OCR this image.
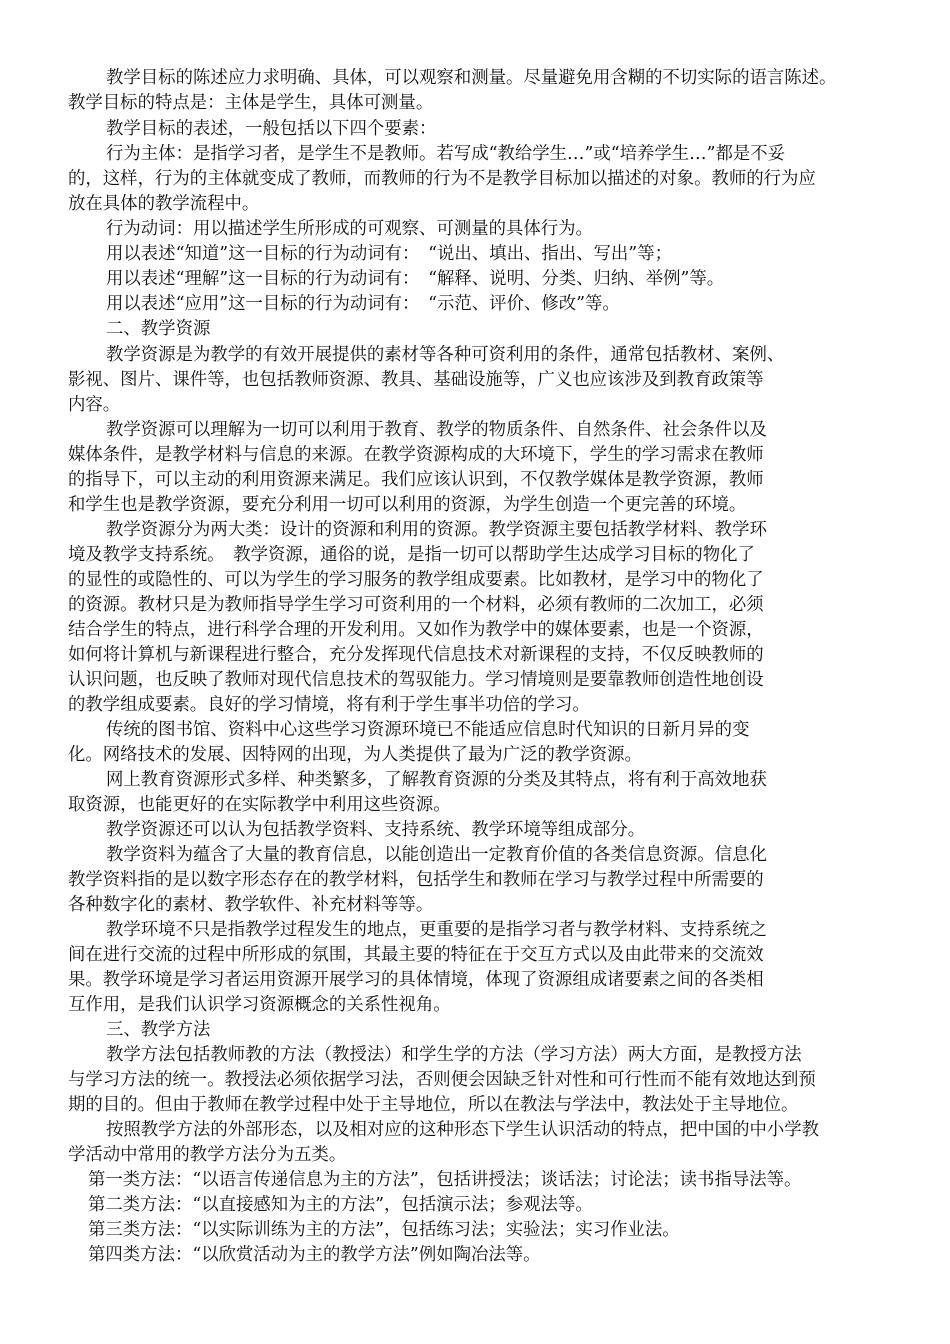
教学目标的陈述应力求明确、具体，可以观察和测量。尽量避免用含糊的不切实际的语言陈述。
教学目标的特点是：主体是学生，具体可测量。
教学目标的表述，一般包括以下四个要素：
行为主体：是指学习者，是学生不是教师。若写成“教给学生…”或“培养学生…”都是不妥
的，这样，行为的主体就变成了教师，而教师的行为不是教学目标加以描述的对象。教师的行为应
放在具体的教学流程中。
行为动词：用以描述学生所形成的可观察、可测量的具体行为。
用以表述“知道”这一目标的行为动词有：　“说出、填出、指出、写出”等；
用以表述“理解”这一目标的行为动词有：　“解释、说明、分类、归纳、举例”等。
用以表述“应用”这一目标的行为动词有：　“示范、评价、修改”等。
二、教学资源
教学资源是为教学的有效开展提供的素材等各种可资利用的条件，通常包括教材、案例、
影视、图片、课件等，也包括教师资源、教具、基础设施等，广义也应该涉及到教育政策等
内容。
教学资源可以理解为一切可以利用于教育、教学的物质条件、自然条件、社会条件以及
媒体条件，是教学材料与信息的来源。在教学资源构成的大环境下，学生的学习需求在教师
的指导下，可以主动的利用资源来满足。我们应该认识到，不仅教学媒体是教学资源，教师
和学生也是教学资源，要充分利用一切可以利用的资源，为学生创造一个更完善的环境。
教学资源分为两大类：设计的资源和利用的资源。教学资源主要包括教学材料、教学环
境及教学支持系统。　教学资源，通俗的说，是指一切可以帮助学生达成学习目标的物化了
的显性的或隐性的、可以为学生的学习服务的教学组成要素。比如教材，是学习中的物化了
的资源。教材只是为教师指导学生学习可资利用的一个材料，必须有教师的二次加工，必须
结合学生的特点，进行科学合理的开发利用。又如作为教学中的媒体要素，也是一个资源，
如何将计算机与新课程进行整合，充分发挥现代信息技术对新课程的支持，不仅反映教师的
认识问题，也反映了教师对现代信息技术的驾驭能力。学习情境则是要靠教师创造性地创设
的教学组成要素。良好的学习情境，将有利于学生事半功倍的学习。
传统的图书馆、资料中心这些学习资源环境已不能适应信息时代知识的日新月异的变
化。网络技术的发展、因特网的出现，为人类提供了最为广泛的教学资源。
网上教育资源形式多样、种类繁多，了解教育资源的分类及其特点，将有利于高效地获
取资源，也能更好的在实际教学中利用这些资源。
教学资源还可以认为包括教学资料、支持系统、教学环境等组成部分。
教学资料为蕴含了大量的教育信息，以能创造出一定教育价值的各类信息资源。信息化
教学资料指的是以数字形态存在的教学材料，包括学生和教师在学习与教学过程中所需要的
各种数字化的素材、教学软件、补充材料等等。
教学环境不只是指教学过程发生的地点，更重要的是指学习者与教学材料、支持系统之
间在进行交流的过程中所形成的氛围，其最主要的特征在于交互方式以及由此带来的交流效
果。教学环境是学习者运用资源开展学习的具体情境，体现了资源组成诸要素之间的各类相
互作用，是我们认识学习资源概念的关系性视角。
三、教学方法
教学方法包括教师教的方法（教授法）和学生学的方法（学习方法）两大方面，是教授方法
与学习方法的统一。教授法必须依据学习法，否则便会因缺乏针对性和可行性而不能有效地达到预
期的目的。但由于教师在教学过程中处于主导地位，所以在教法与学法中，教法处于主导地位。
按照教学方法的外部形态，以及相对应的这种形态下学生认识活动的特点，把中国的中小学教
学活动中常用的教学方法分为五类。
第一类方法：“以语言传递信息为主的方法”，包括讲授法；谈话法；讨论法；读书指导法等。
第二类方法：“以直接感知为主的方法”，包括演示法；参观法等。
第三类方法：“以实际训练为主的方法”，包括练习法；实验法；实习作业法。
第四类方法：“以欣赏活动为主的教学方法”例如陶冶法等。
